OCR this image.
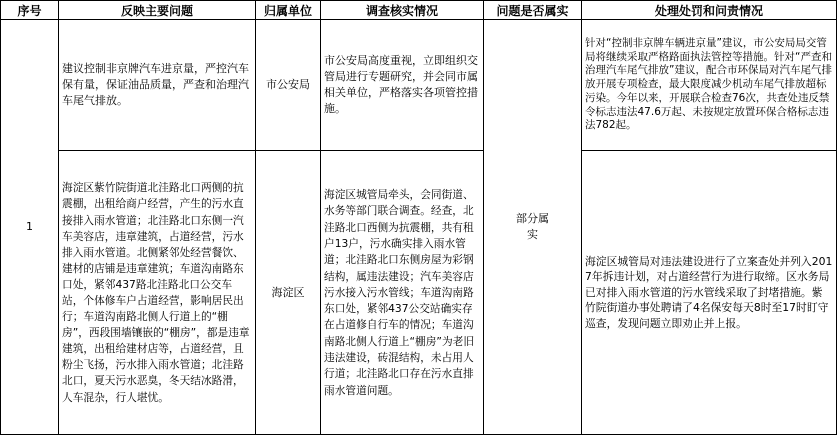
序号	反映主要问题	归属单位	调查核实情况	问题是否属实	处理处罚和问责情况
1	建议控制非京牌汽车进京量，严控汽车保有量，保证油品质量，严查和治理汽车尾气排放。	市公安局	市公安局高度重视，立即组织交管局进行专题研究，并会同市属相关单位，严格落实各项管控措施。	部分属实	针对“控制非京牌车辆进京量”建议，市公安局局交管局将继续采取严格路面执法管控等措施。针对“严查和治理汽车尾气排放”建议，配合市环保局对汽车尾气排放开展专项检查，最大限度减少机动车尾气排放超标污染。今年以来，开展联合检查76次，共查处违反禁令标志违法47.6万起、未按规定放置环保合格标志违法782起。
	海淀区紫竹院街道北洼路北口两侧的抗震棚，出租给商户经营，产生的污水直接排入雨水管道；北洼路北口东侧一汽车美容店，违章建筑，占道经营，污水排入雨水管道。北侧紧邻处经营餐饮、建材的店铺是违章建筑；车道沟南路东口处，紧邻437路北洼路北口公交车站，个体修车户占道经营，影响居民出行；车道沟南路北侧人行道上的“棚房”，西段围墙镶嵌的“棚房”，都是违章建筑，出租给建材店等，占道经营，且粉尘飞扬，污水排入雨水管道；北洼路北口，夏天污水恶臭，冬天结冰路滑，人车混杂，行人堪忧。	海淀区	海淀区城管局牵头，会同街道、水务等部门联合调查。经查，北洼路北口西侧为抗震棚，共有租户13户，污水确实排入雨水管道；北洼路北口东侧房屋为彩钢结构，属违法建设；汽车美容店污水接入污水管线；车道沟南路东口处，紧邻437公交站确实存在占道修自行车的情况；车道沟南路北侧人行道上“棚房”为老旧违法建设，砖混结构，未占用人行道；北洼路北口存在污水直排雨水管道问题。		海淀区城管局对违法建设进行了立案查处并列入2017年拆违计划，对占道经营行为进行取缔。区水务局已对排入雨水管道的污水管线采取了封堵措施。紫竹院街道办事处聘请了4名保安每天8时至17时盯守巡查，发现问题立即劝止并上报。
